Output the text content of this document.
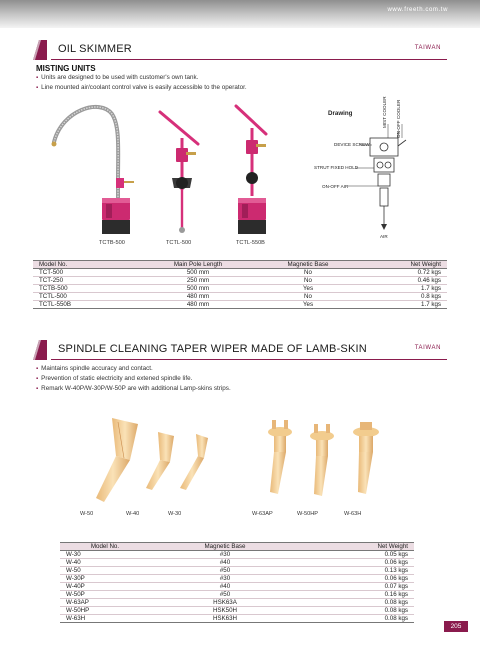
www.freeth.com.tw
OIL SKIMMER	TAIWAN
MISTING UNITS
▪ Units are designed to be used with customer's own tank.
▪ Line mounted air/coolant control valve is easily accessible to the operator.
TCTB-500	TCTL-500	TCTL-550B
Drawing
DEVICE SCREW
MIST COOLER ON-OFF COOLER
STRUT FIXED HOLD
ON-OFF AIR
AIR
Model No.	Main Pole Length	Magnetic Base	Net Weight
TCT-500	500 mm	No	0.72 kgs
TCT-250	250 mm	No	0.46 kgs
TCTB-500	500 mm	Yes	1.7 kgs
TCTL-500	480 mm	No	0.8 kgs
TCTL-550B	480 mm	Yes	1.7 kgs
SPINDLE CLEANING TAPER WIPER MADE OF LAMB-SKIN	TAIWAN
▪ Maintains spindle accuracy and contact.
▪ Prevention of static electricity and extened spindle life.
▪ Remark W-40P/W-30P/W-50P are with additional Lamp-skins strips.
W-50	W-40	W-30	W-63AP	W-50HP	W-63H
Model No.	Magnetic Base	Net Weight
W-30	#30	0.05 kgs
W-40	#40	0.06 kgs
W-50	#50	0.13 kgs
W-30P	#30	0.06 kgs
W-40P	#40	0.07 kgs
W-50P	#50	0.16 kgs
W-63AP	HSK63A	0.08 kgs
W-50HP	HSK50H	0.08 kgs
W-63H	HSK63H	0.08 kgs
205
